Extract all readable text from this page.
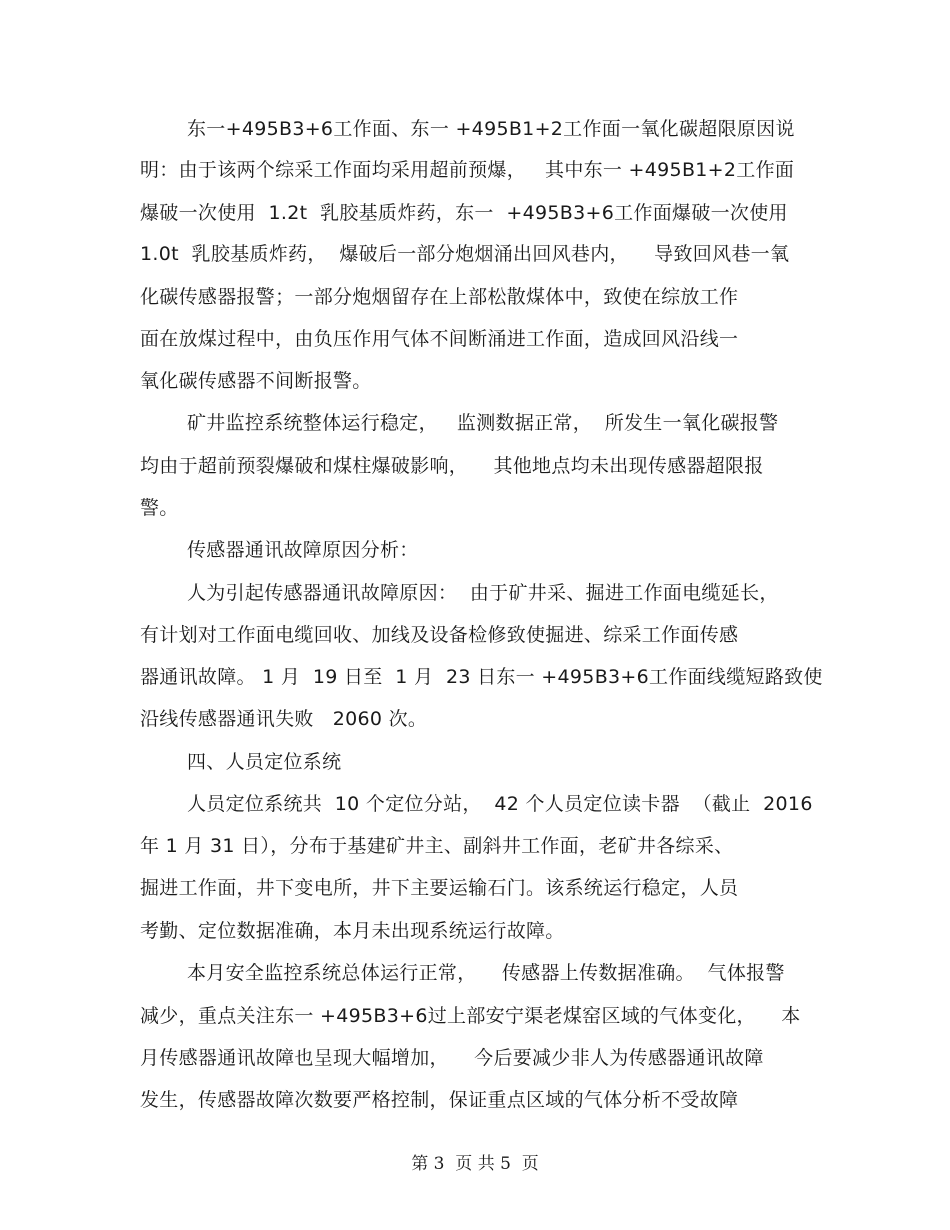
东一+495B3+6工作面、东一 +495B1+2工作面一氧化碳超限原因说
明：由于该两个综采工作面均采用超前预爆，   其中东一 +495B1+2工作面
爆破一次使用  1.2t  乳胶基质炸药，东一  +495B3+6工作面爆破一次使用
1.0t  乳胶基质炸药，  爆破后一部分炮烟涌出回风巷内，    导致回风巷一氧
化碳传感器报警；一部分炮烟留存在上部松散煤体中，致使在综放工作
面在放煤过程中，由负压作用气体不间断涌进工作面，造成回风沿线一
氧化碳传感器不间断报警。
矿井监控系统整体运行稳定，   监测数据正常，  所发生一氧化碳报警
均由于超前预裂爆破和煤柱爆破影响，    其他地点均未出现传感器超限报
警。
传感器通讯故障原因分析：
人为引起传感器通讯故障原因：  由于矿井采、掘进工作面电缆延长，
有计划对工作面电缆回收、加线及设备检修致使掘进、综采工作面传感
器通讯故障。 1 月  19 日至  1 月  23 日东一 +495B3+6工作面线缆短路致使
沿线传感器通讯失败   2060 次。
四、人员定位系统
人员定位系统共  10 个定位分站，  42 个人员定位读卡器  （截止  2016
年 1 月 31 日），分布于基建矿井主、副斜井工作面，老矿井各综采、
掘进工作面，井下变电所，井下主要运输石门。该系统运行稳定，人员
考勤、定位数据准确，本月未出现系统运行故障。
本月安全监控系统总体运行正常，    传感器上传数据准确。  气体报警
减少，重点关注东一 +495B3+6过上部安宁渠老煤窑区域的气体变化，    本
月传感器通讯故障也呈现大幅增加，    今后要减少非人为传感器通讯故障
发生，传感器故障次数要严格控制，保证重点区域的气体分析不受故障
第 3  页 共 5  页
